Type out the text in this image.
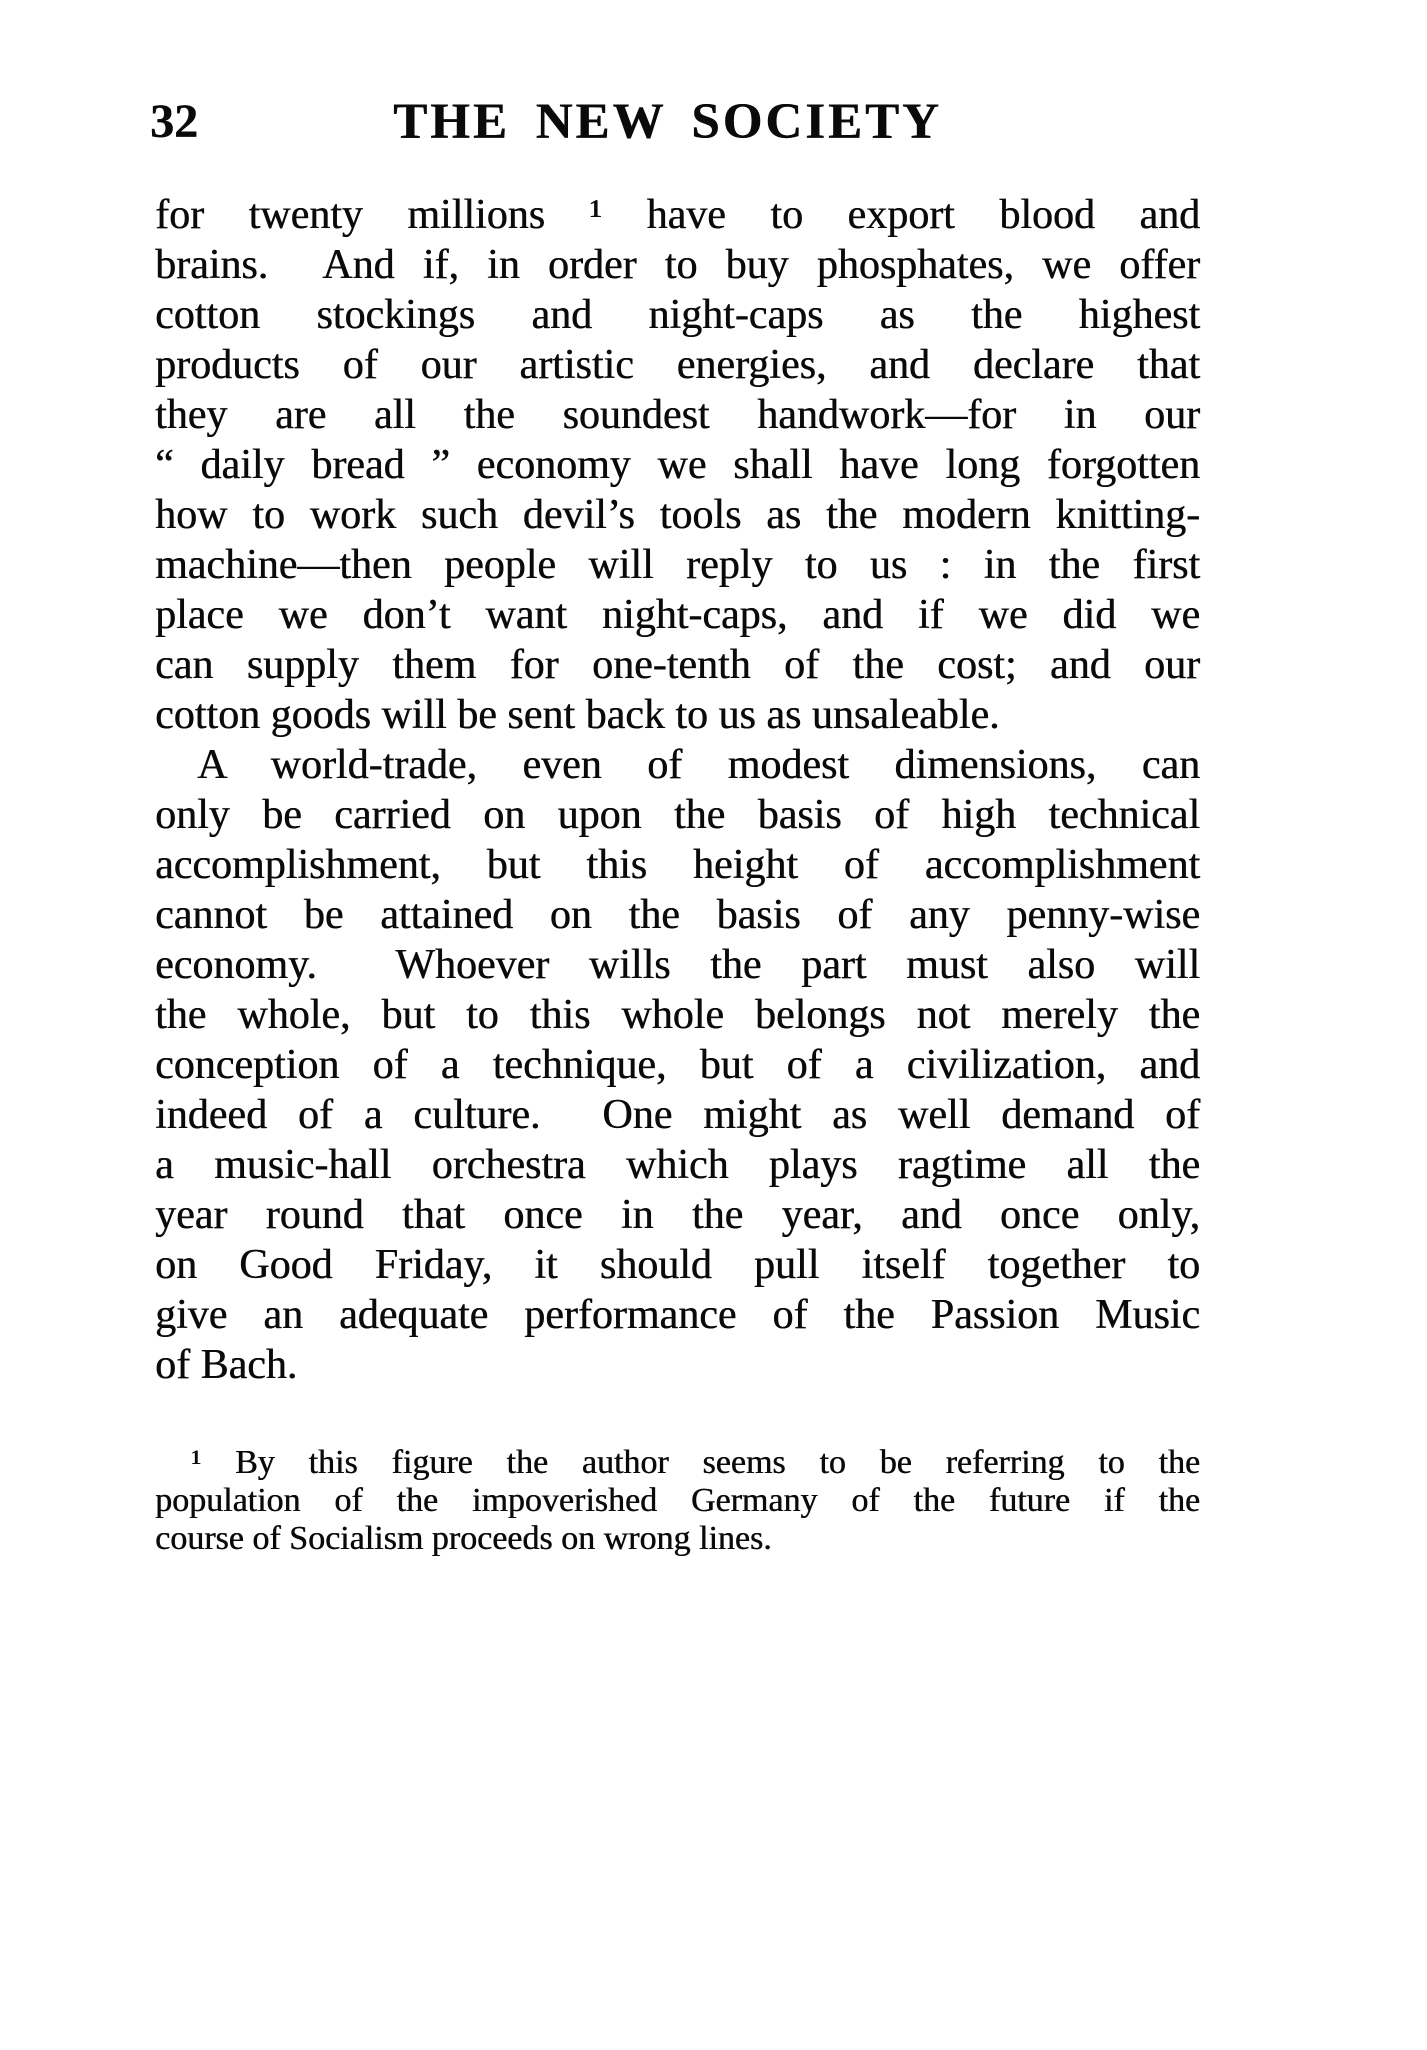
32	THE NEW SOCIETY
for twenty millions ¹ have to export blood and
brains.  And if, in order to buy phosphates, we offer
cotton stockings and night-caps as the highest
products of our artistic energies, and declare that
they are all the soundest handwork—for in our
“ daily bread ” economy we shall have long forgotten
how to work such devil’s tools as the modern knitting-
machine—then people will reply to us : in the first
place we don’t want night-caps, and if we did we
can supply them for one-tenth of the cost; and our
cotton goods will be sent back to us as unsaleable.
A world-trade, even of modest dimensions, can
only be carried on upon the basis of high technical
accomplishment, but this height of accomplishment
cannot be attained on the basis of any penny-wise
economy.  Whoever wills the part must also will
the whole, but to this whole belongs not merely the
conception of a technique, but of a civilization, and
indeed of a culture.  One might as well demand of
a music-hall orchestra which plays ragtime all the
year round that once in the year, and once only,
on Good Friday, it should pull itself together to
give an adequate performance of the Passion Music
of Bach.
¹ By this figure the author seems to be referring to the
population of the impoverished Germany of the future if the
course of Socialism proceeds on wrong lines.
